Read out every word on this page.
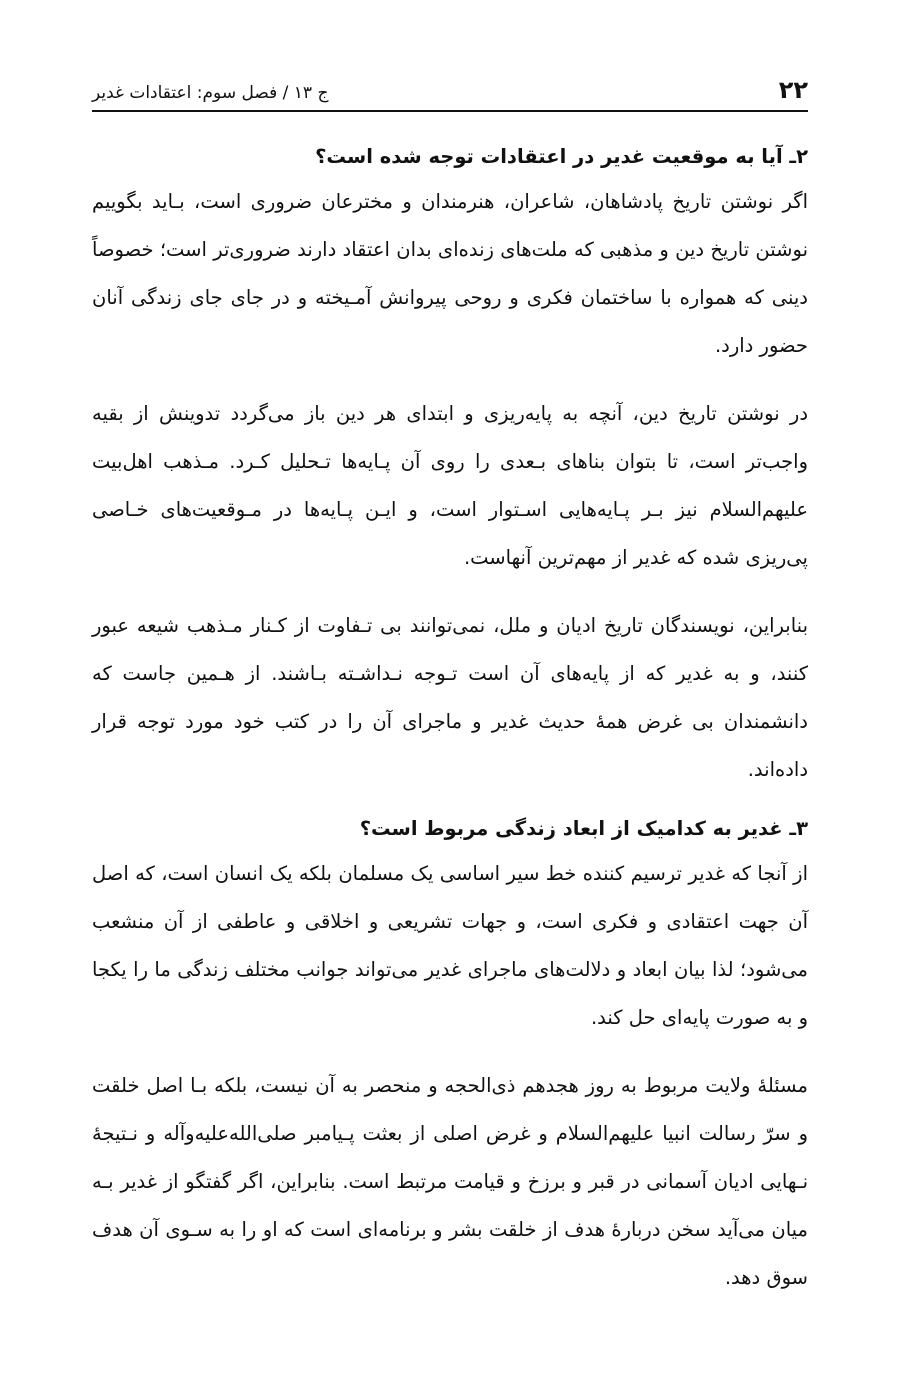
۲۲
ج ۱۳ / فصل سوم: اعتقادات غدیر
۲ـ آیا به موقعیت غدیر در اعتقادات توجه شده است؟

اگر نوشتن تاریخ پادشاهان، شاعران، هنرمندان و مخترعان ضروری است، بـاید بگوییم نوشتن تاریخ دین و مذهبی که ملت‌های زنده‌ای بدان اعتقاد دارند ضروری‌تر است؛ خصوصاً دینی که همواره با ساختمان فکری و روحی پیروانش آمـیخته و در جای جای زندگی آنان حضور دارد.

در نوشتن تاریخ دین، آنچه به پایه‌ریزی و ابتدای هر دین باز می‌گردد تدوینش از بقیه واجب‌تر است، تا بتوان بناهای بـعدی را روی آن پـایه‌ها تـحلیل کـرد. مـذهب اهل‌بیت علیهم‌السلام نیز بـر پـایه‌هایی اسـتوار است، و ایـن پـایه‌ها در مـوقعیت‌های خـاصی پی‌ریزی شده که غدیر از مهم‌ترین آنهاست.

بنابراین، نویسندگان تاریخ ادیان و ملل، نمی‌توانند بی تـفاوت از کـنار مـذهب شیعه عبور کنند، و به غدیر که از پایه‌های آن است تـوجه نـداشـته بـاشند. از هـمین جاست که دانشمندان بی غرض همهٔ حدیث غدیر و ماجرای آن را در کتب خود مورد توجه قرار داده‌اند.

۳ـ غدیر به کدامیک از ابعاد زندگی مربوط است؟

از آنجا که غدیر ترسیم کننده خط سیر اساسی یک مسلمان بلکه یک انسان است، که اصل آن جهت اعتقادی و فکری است، و جهات تشریعی و اخلاقی و عاطفی از آن منشعب می‌شود؛ لذا بیان ابعاد و دلالت‌های ماجرای غدیر می‌تواند جوانب مختلف زندگی ما را یکجا و به صورت پایه‌ای حل کند.

مسئلهٔ ولایت مربوط به روز هجدهم ذی‌الحجه و منحصر به آن نیست، بلکه بـا اصل خلقت و سرّ رسالت انبیا علیهم‌السلام و غرض اصلی از بعثت پـیامبر صلی‌الله‌علیه‌وآله و نـتیجهٔ نـهایی ادیان آسمانی در قبر و برزخ و قیامت مرتبط است. بنابراین، اگر گفتگو از غدیر بـه میان می‌آید سخن دربارهٔ هدف از خلقت بشر و برنامه‌ای است که او را به سـوی آن هدف سوق دهد.
